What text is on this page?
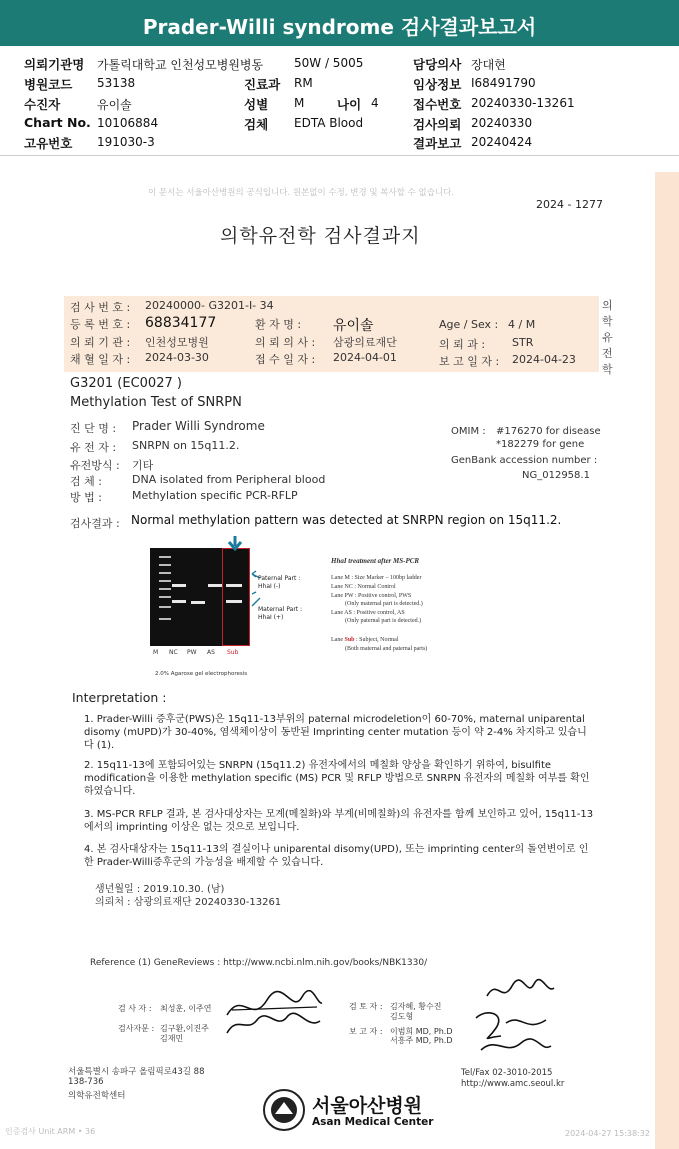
Prader-Willi syndrome 검사결과보고서
의뢰기관명 가톨릭대학교 인천성모병원병동	50W / 5005	담당의사 장대현
병원코드 53138	진료과 RM	임상정보 I68491790
수진자	유이솔	성별 M	나이 4	접수번호 20240330-13261
Chart No. 10106884	검체 EDTA Blood	검사의뢰 20240330
고유번호 191030-3	결과보고 20240424
이 문서는 서울아산병원의 공식입니다. 원본없이 수정, 변경 및 복사할 수 없습니다.
2024 - 1277
의학유전학 검사결과지
의
학
유
전
학
검 사 번 호 : 20240000- G3201-I- 34
등 록 번 호 : 68834177	환 자 명 : 유이솔	Age / Sex : 4 / M
의 뢰 기 관 : 인천성모병원	의 뢰 의 사 : 삼광의료재단	의 뢰 과 : STR
채 혈 일 자 : 2024-03-30	접 수 일 자 : 2024-04-01	보 고 일 자 : 2024-04-23
G3201 (EC0027 )
Methylation Test of SNRPN
진 단 명 : Prader Willi Syndrome
유 전 자 : SNRPN on 15q11.2.
유전방식 : 기타
검 체 :	DNA isolated from Peripheral blood
방 법 :	Methylation specific PCR-RFLP
OMIM : #176270 for disease
*182279 for gene
GenBank accession number :
NG_012958.1
검사결과 : Normal methylation pattern was detected at SNRPN region on 15q11.2.
Paternal Part :
HhaI (-)
Maternal Part :
HhaI (+)
M NC PW AS Sub
2.0% Agarose gel electrophoresis
HhaI treatment after MS-PCR
Lane M : Size Marker – 100bp ladder
Lane NC : Normal Control
Lane PW : Positive control, PWS
(Only maternal part is detected.)
Lane AS : Positive control, AS
(Only paternal part is detected.)
Lane Sub : Subject, Normal
(Both maternal and paternal parts)
Interpretation :
1. Prader-Willi 증후군(PWS)은 15q11-13부위의 paternal microdeletion이 60-70%, maternal uniparental disomy (mUPD)가 30-40%, 염색체이상이 동반된 Imprinting center mutation 등이 약 2-4% 차지하고 있습니다 (1).
2. 15q11-13에 포함되어있는 SNRPN (15q11.2) 유전자에서의 메칠화 양상을 확인하기 위하여, bisulfite modification을 이용한 methylation specific (MS) PCR 및 RFLP 방법으로 SNRPN 유전자의 메칠화 여부를 확인하였습니다.
3. MS-PCR RFLP 결과, 본 검사대상자는 모계(메칠화)와 부계(비메칠화)의 유전자를 함께 보인하고 있어, 15q11-13에서의 imprinting 이상은 없는 것으로 보입니다.
4. 본 검사대상자는 15q11-13의 결실이나 uniparental disomy(UPD), 또는 imprinting center의 돌연변이로 인한 Prader-Willi증후군의 가능성을 배제할 수 있습니다.
생년월일 : 2019.10.30. (남)
의뢰처 : 삼광의료재단 20240330-13261
Reference (1) GeneReviews : http://www.ncbi.nlm.nih.gov/books/NBK1330/
검 사 자 : 최성훈, 이주연
검사자문 : 김구환,이진주
김재민
검 토 자 : 김자혜, 황수진
김도형
보 고 자 : 이범희 MD, Ph.D
서흥주 MD, Ph.D
서울특별시 송파구 올림픽로43길 88
138-736
의학유전학센터
Tel/Fax 02-3010-2015
http://www.amc.seoul.kr
서울아산병원
Asan Medical Center
인증검사 Unit ARM • 36	2024-04-27 15:38:32
